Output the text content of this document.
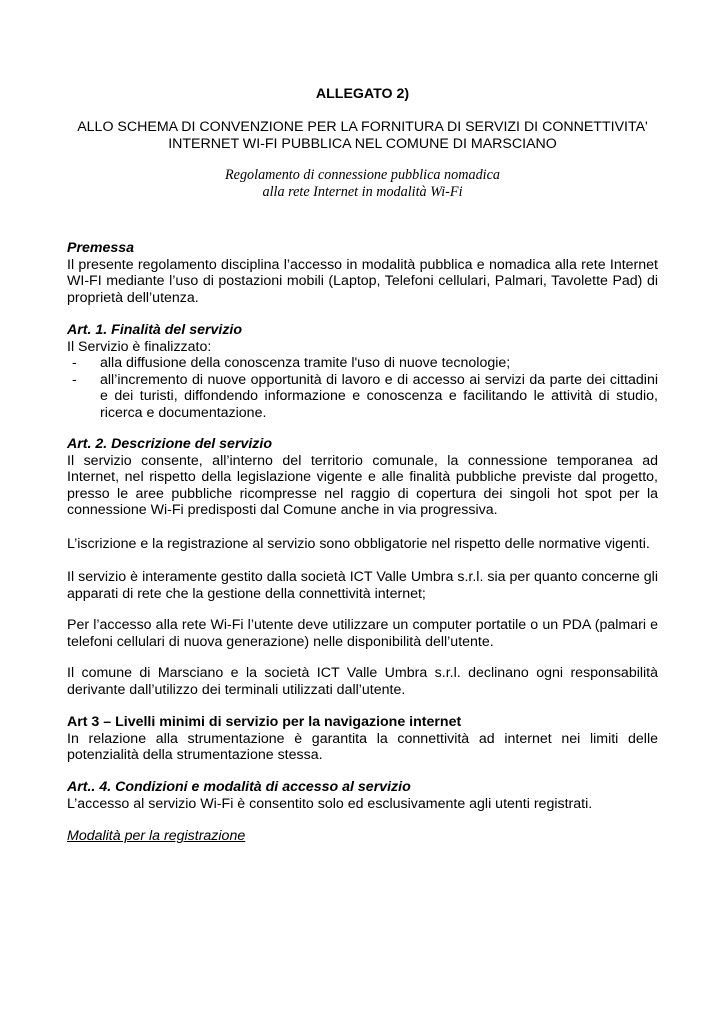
ALLEGATO 2)
ALLO SCHEMA DI CONVENZIONE PER LA FORNITURA DI SERVIZI DI CONNETTIVITA'
INTERNET WI-FI PUBBLICA NEL COMUNE DI MARSCIANO
Regolamento di connessione pubblica nomadica
alla rete Internet in modalità Wi-Fi
Premessa

Il presente regolamento disciplina l’accesso in modalità pubblica e nomadica alla rete Internet WI-FI mediante l’uso di postazioni mobili (Laptop, Telefoni cellulari, Palmari, Tavolette Pad) di proprietà dell’utenza.

Art. 1. Finalità del servizio
Il Servizio è finalizzato:
- alla diffusione della conoscenza tramite l'uso di nuove tecnologie;
- all’incremento di nuove opportunità di lavoro e di accesso ai servizi da parte dei cittadini e dei turisti, diffondendo informazione e conoscenza e facilitando le attività di studio, ricerca e documentazione.
Art. 2. Descrizione del servizio

Il servizio consente, all’interno del territorio comunale, la connessione temporanea ad Internet, nel rispetto della legislazione vigente e alle finalità pubbliche previste dal progetto, presso le aree pubbliche ricompresse nel raggio di copertura dei singoli hot spot per la connessione Wi-Fi predisposti dal Comune anche in via progressiva.

L’iscrizione e la registrazione al servizio sono obbligatorie nel rispetto delle normative vigenti.

Il servizio è interamente gestito dalla società ICT Valle Umbra s.r.l. sia per quanto concerne gli apparati di rete che la gestione della connettività internet;

Per l’accesso alla rete Wi-Fi l’utente deve utilizzare un computer portatile o un PDA (palmari e telefoni cellulari di nuova generazione) nelle disponibilità dell’utente.

Il comune di Marsciano e la società ICT Valle Umbra s.r.l. declinano ogni responsabilità derivante dall’utilizzo dei terminali utilizzati dall’utente.

Art 3 – Livelli minimi di servizio per la navigazione internet

In relazione alla strumentazione è garantita la connettività ad internet nei limiti delle potenzialità della strumentazione stessa.

Art.. 4. Condizioni e modalità di accesso al servizio

L’accesso al servizio Wi-Fi è consentito solo ed esclusivamente agli utenti registrati.

Modalità per la registrazione
